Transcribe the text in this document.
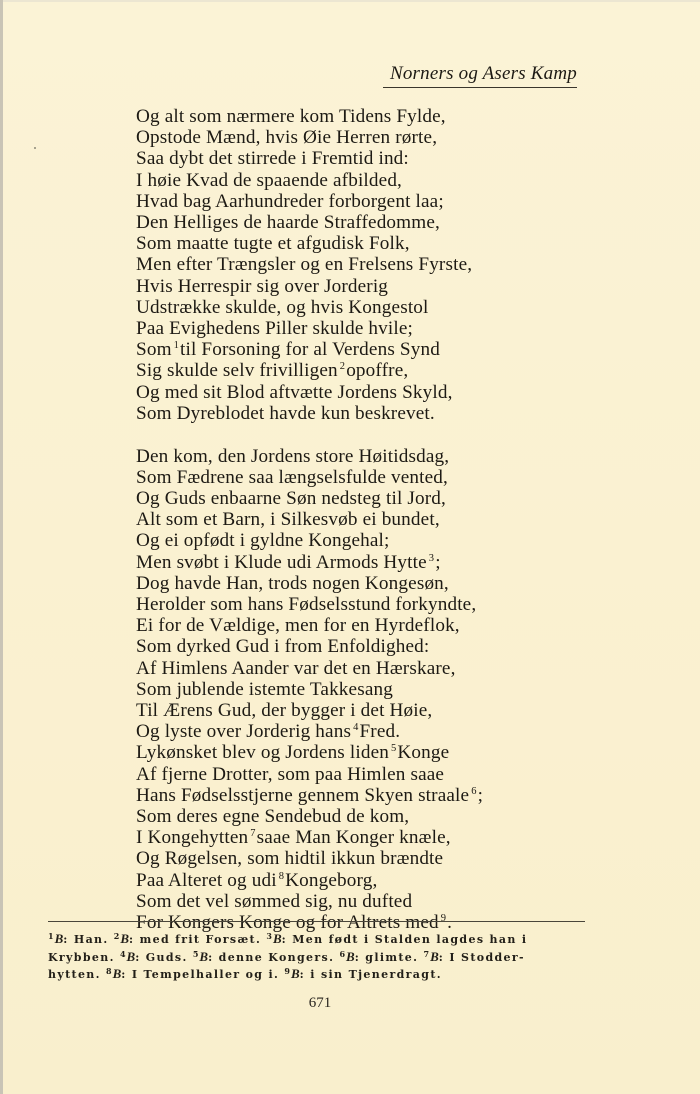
Norners og Asers Kamp
Og alt som nærmere kom Tidens Fylde,
Opstode Mænd, hvis Øie Herren rørte,
Saa dybt det stirrede i Fremtid ind:
I høie Kvad de spaaende afbilded,
Hvad bag Aarhundreder forborgent laa;
Den Helliges de haarde Straffedomme,
Som maatte tugte et afgudisk Folk,
Men efter Trængsler og en Frelsens Fyrste,
Hvis Herrespir sig over Jorderig
Udstrække skulde, og hvis Kongestol
Paa Evighedens Piller skulde hvile;
Som $^1$til Forsoning for al Verdens Synd
Sig skulde selv frivilligen $^2$opoffre,
Og med sit Blod aftvætte Jordens Skyld,
Som Dyreblodet havde kun beskrevet.
Den kom, den Jordens store Høitidsdag,
Som Fædrene saa længselsfulde vented,
Og Guds enbaarne Søn nedsteg til Jord,
Alt som et Barn, i Silkesvøb ei bundet,
Og ei opfødt i gyldne Kongehal;
Men svøbt i Klude udi Armods Hytte $^3$;
Dog havde Han, trods nogen Kongesøn,
Herolder som hans Fødselsstund forkyndte,
Ei for de Vældige, men for en Hyrdeflok,
Som dyrked Gud i from Enfoldighed:
Af Himlens Aander var det en Hærskare,
Som jublende istemte Takkesang
Til Ærens Gud, der bygger i det Høie,
Og lyste over Jorderig hans $^4$Fred.
Lykønsket blev og Jordens liden $^5$Konge
Af fjerne Drotter, som paa Himlen saae
Hans Fødselsstjerne gennem Skyen straale $^6$;
Som deres egne Sendebud de kom,
I Kongehytten $^7$saae Man Konger knæle,
Og Røgelsen, som hidtil ikkun brændte
Paa Alteret og udi $^8$Kongeborg,
Som det vel sømmed sig, nu dufted
For Kongers Konge og for Altrets med $^9$.
$^1$B: Han. $^2$B: med frit Forsæt. $^3$B: Men født i Stalden lagdes han i
Krybben. $^4$B: Guds. $^5$B: denne Kongers. $^6$B: glimte. $^7$B: I Stodder-
hytten. $^8$B: I Tempelhaller og i. $^9$B: i sin Tjenerdragt.
671
